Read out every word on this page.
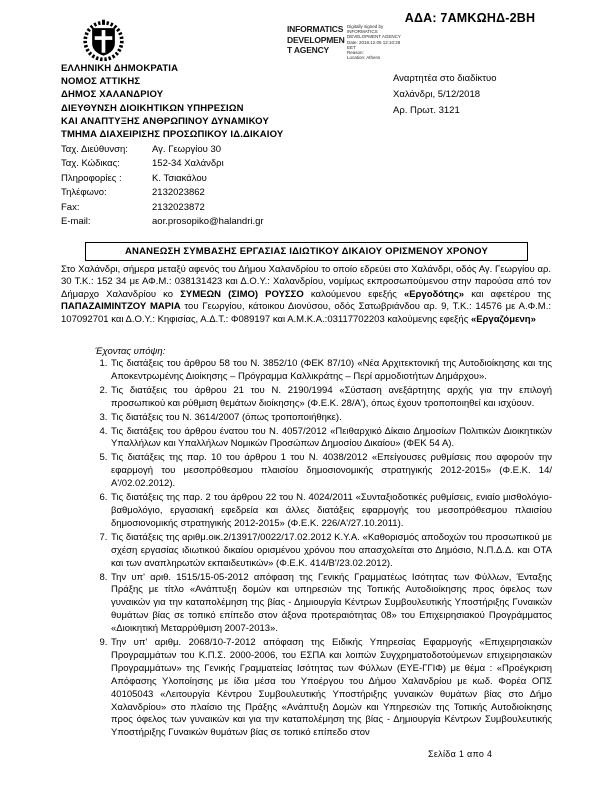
ΑΔΑ: 7ΑΜΚΩΗΔ-2ΒΗ
INFORMATICS
DEVELOPMEN
T AGENCY
Digitally signed by
INFORMATICS
DEVELOPMENT AGENCY
Date: 2018.12.05 12:10:28
EET
Reason:
Location: Athens
ΕΛΛΗΝΙΚΗ ΔΗΜΟΚΡΑΤΙΑ
ΝΟΜΟΣ ΑΤΤΙΚΗΣ
ΔΗΜΟΣ ΧΑΛΑΝΔΡΙΟΥ
ΔΙΕΥΘΥΝΣΗ ΔΙΟΙΚΗΤΙΚΩΝ ΥΠΗΡΕΣΙΩΝ
ΚΑΙ ΑΝΑΠΤΥΞΗΣ ΑΝΘΡΩΠΙΝΟΥ ΔΥΝΑΜΙΚΟΥ
ΤΜΗΜΑ ΔΙΑΧΕΙΡΙΣΗΣ ΠΡΟΣΩΠΙΚΟΥ ΙΔ.ΔΙΚΑΙΟΥ
Αναρτητέα στο διαδίκτυο
Χαλάνδρι, 5/12/2018
Αρ. Πρωτ. 3121
Ταχ. Διεύθυνση:	Αγ. Γεωργίου 30
Ταχ. Κώδικας:	152-34 Χαλάνδρι
Πληροφορίες :	Κ. Τσιακάλου
Τηλέφωνο:	2132023862
Fax:	2132023872
E-mail:	aor.prosopiko@halandri.gr
ΑΝΑΝΕΩΣΗ ΣΥΜΒΑΣΗΣ ΕΡΓΑΣΙΑΣ ΙΔΙΩΤΙΚΟΥ ΔΙΚΑΙΟΥ ΟΡΙΣΜΕΝΟΥ ΧΡΟΝΟΥ

Στο Χαλάνδρι, σήμερα μεταξύ αφενός του Δήμου Χαλανδρίου το οποίο εδρεύει στο Χαλάνδρι, οδός Αγ. Γεωργίου αρ. 30 Τ.Κ.: 152 34 με ΑΦ.Μ.: 038131423 και Δ.Ο.Υ.: Χαλανδρίου, νομίμως εκπροσωπούμενου στην παρούσα από τον Δήμαρχο Χαλανδρίου κο ΣΥΜΕΩΝ (ΣΙΜΟ) ΡΟΥΣΣΟ καλούμενου εφεξής «Εργοδότης» και αφετέρου της ΠΑΠΑΖΑΙΜΙΝΤΖΟΥ ΜΑΡΙΑ του Γεωργίου, κάτοικου Διονύσου, οδός Σατωβριάνδου αρ. 9, Τ.Κ.: 14576 με Α.Φ.Μ.: 107092701 και Δ.Ο.Υ.: Κηφισίας, Α.Δ.Τ.: Φ089197 και Α.Μ.Κ.Α.:03117702203 καλούμενης εφεξής «Εργαζόμενη»

Έχοντας υπόψη:
1. Τις διατάξεις του άρθρου 58 του Ν. 3852/10 (ΦΕΚ 87/10) «Νέα Αρχιτεκτονική της Αυτοδιοίκησης και της Αποκεντρωμένης Διοίκησης – Πρόγραμμα Καλλικράτης – Περί αρμοδιοτήτων Δημάρχου».
2. Τις διατάξεις του άρθρου 21 του Ν. 2190/1994 «Σύσταση ανεξάρτητης αρχής για την επιλογή προσωπικού και ρύθμιση θεμάτων διοίκησης» (Φ.Ε.Κ. 28/Α'), όπως έχουν τροποποιηθεί και ισχύουν.
3. Τις διατάξεις του Ν. 3614/2007 (όπως τροποποιήθηκε).
4. Τις διατάξεις του άρθρου ένατου του Ν. 4057/2012 «Πειθαρχικό Δίκαιο Δημοσίων Πολιτικών Διοικητικών Υπαλλήλων και Υπαλλήλων Νομικών Προσώπων Δημοσίου Δικαίου» (ΦΕΚ 54 Α).
5. Τις διατάξεις της παρ. 10 του άρθρου 1 του Ν. 4038/2012 «Επείγουσες ρυθμίσεις που αφορούν την εφαρμογή του μεσοπρόθεσμου πλαισίου δημοσιονομικής στρατηγικής 2012-2015» (Φ.Ε.Κ. 14/Α'/02.02.2012).
6. Τις διατάξεις της παρ. 2 του άρθρου 22 του Ν. 4024/2011 «Συνταξιοδοτικές ρυθμίσεις, ενιαίο μισθολόγιο-βαθμολόγιο, εργασιακή εφεδρεία και άλλες διατάξεις εφαρμογής του μεσοπρόθεσμου πλαισίου δημοσιονομικής στρατηγικής 2012-2015» (Φ.Ε.Κ. 226/Α'/27.10.2011).
7. Τις διατάξεις της αριθμ.οικ.2/13917/0022/17.02.2012 Κ.Υ.Α. «Καθορισμός αποδοχών του προσωπικού με σχέση εργασίας ιδιωτικού δικαίου ορισμένου χρόνου που απασχολείται στο Δημόσιο, Ν.Π.Δ.Δ. και ΟΤΑ και των αναπληρωτών εκπαιδευτικών» (Φ.Ε.Κ. 414/Β'/23.02.2012).
8. Την υπ' αριθ. 1515/15-05-2012 απόφαση της Γενικής Γραμματέως Ισότητας των Φύλλων, Ένταξης Πράξης με τίτλο «Ανάπτυξη δομών και υπηρεσιών της Τοπικής Αυτοδιοίκησης προς όφελος των γυναικών για την καταπολέμηση της βίας - Δημιουργία Κέντρων Συμβουλευτικής Υποστήριξης Γυναικών θυμάτων βίας σε τοπικό επίπεδο στον άξονα προτεραιότητας 08» του Επιχειρησιακού Προγράμματος «Διοικητική Μεταρρύθμιση 2007-2013».
9. Την υπ' αριθμ. 2068/10-7-2012 απόφαση της Ειδικής Υπηρεσίας Εφαρμογής «Επιχειρησιακών Προγραμμάτων του Κ.Π.Σ. 2000-2006, του ΕΣΠΑ και λοιπών Συγχρηματοδοτούμενων επιχειρησιακών Προγραμμάτων» της Γενικής Γραμματείας Ισότητας των Φύλλων (ΕΥΕ-ΓΓΙΦ) με θέμα : «Προέγκριση Απόφασης Υλοποίησης με ίδια μέσα του Υποέργου του Δήμου Χαλανδρίου με κωδ. Φορέα ΟΠΣ 40105043 «Λειτουργία Κέντρου Συμβουλευτικής Υποστήριξης γυναικών θυμάτων βίας στο Δήμο Χαλανδρίου» στο πλαίσιο της Πράξης «Ανάπτυξη Δομών και Υπηρεσιών της Τοπικής Αυτοδιοίκησης προς όφελος των γυναικών και για την καταπολέμηση της βίας - Δημιουργία Κέντρων Συμβουλευτικής Υποστήριξης Γυναικών θυμάτων βίας σε τοπικό επίπεδο στον
Σελίδα 1 απο 4
